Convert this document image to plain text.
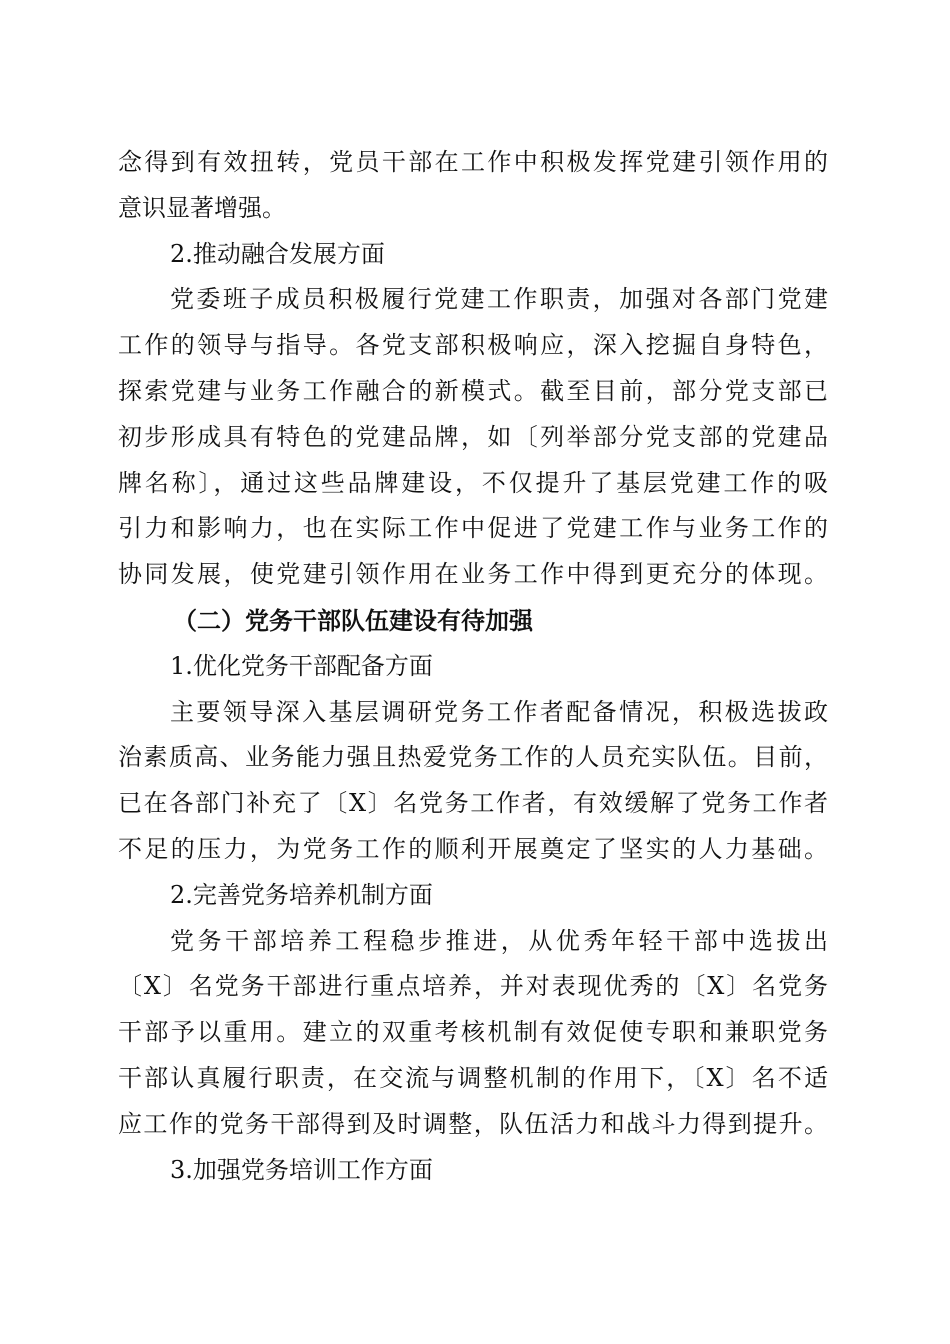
念得到有效扭转，党员干部在工作中积极发挥党建引领作用的
意识显著增强。
2.推动融合发展方面
党委班子成员积极履行党建工作职责，加强对各部门党建
工作的领导与指导。各党支部积极响应，深入挖掘自身特色，
探索党建与业务工作融合的新模式。截至目前，部分党支部已
初步形成具有特色的党建品牌，如〔列举部分党支部的党建品
牌名称〕，通过这些品牌建设，不仅提升了基层党建工作的吸
引力和影响力，也在实际工作中促进了党建工作与业务工作的
协同发展，使党建引领作用在业务工作中得到更充分的体现。
（二）党务干部队伍建设有待加强
1.优化党务干部配备方面
主要领导深入基层调研党务工作者配备情况，积极选拔政
治素质高、业务能力强且热爱党务工作的人员充实队伍。目前，
已在各部门补充了〔X〕名党务工作者，有效缓解了党务工作者
不足的压力，为党务工作的顺利开展奠定了坚实的人力基础。
2.完善党务培养机制方面
党务干部培养工程稳步推进，从优秀年轻干部中选拔出
〔X〕名党务干部进行重点培养，并对表现优秀的〔X〕名党务
干部予以重用。建立的双重考核机制有效促使专职和兼职党务
干部认真履行职责，在交流与调整机制的作用下，〔X〕名不适
应工作的党务干部得到及时调整，队伍活力和战斗力得到提升。
3.加强党务培训工作方面
